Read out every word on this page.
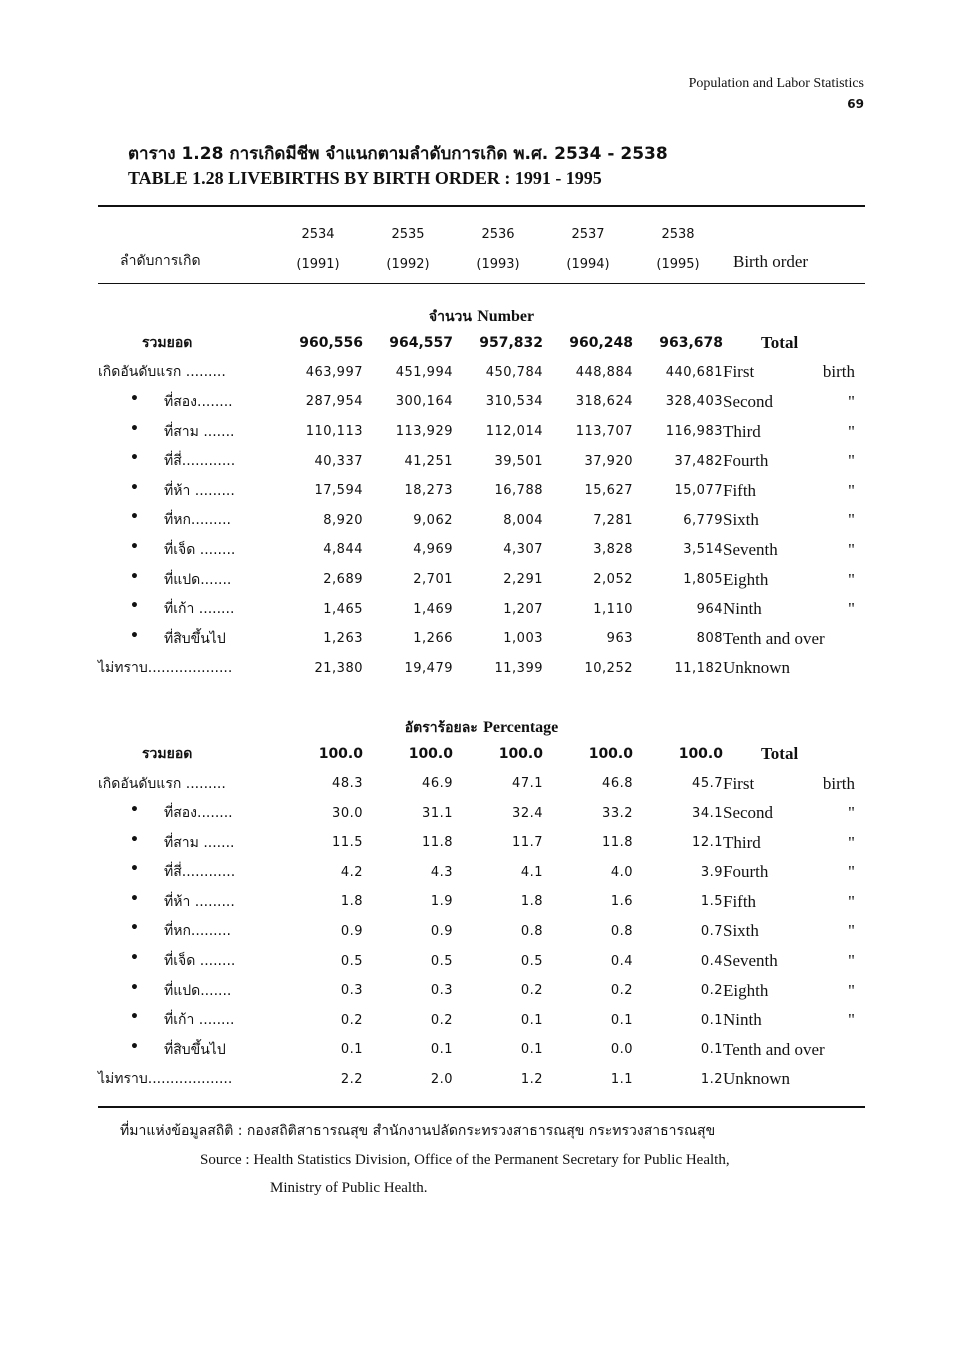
Population and Labor Statistics
69
ตาราง 1.28 การเกิดมีชีพ จำแนกตามลำดับการเกิด พ.ศ. 2534 - 2538
TABLE 1.28 LIVEBIRTHS BY BIRTH ORDER : 1991 - 1995
	2534	2535	2536	2537	2538	
ลำดับการเกิด	(1991)	(1992)	(1993)	(1994)	(1995)	Birth order
จำนวน Number						
รวมยอด	960,556	964,557	957,832	960,248	963,678	Total

เกิดอันดับแรก .........	463,997	451,994	450,784	448,884	440,681	First birth

• ที่สอง........	287,954	300,164	310,534	318,624	328,403	Second "

• ที่สาม .......	110,113	113,929	112,014	113,707	116,983	Third "

• ที่สี่............	40,337	41,251	39,501	37,920	37,482	Fourth "

• ที่ห้า .........	17,594	18,273	16,788	15,627	15,077	Fifth "

• ที่หก.........	8,920	9,062	8,004	7,281	6,779	Sixth "

• ที่เจ็ด ........	4,844	4,969	4,307	3,828	3,514	Seventh "

• ที่แปด.......	2,689	2,701	2,291	2,052	1,805	Eighth "

• ที่เก้า ........	1,465	1,469	1,207	1,110	964	Ninth "

• ที่สิบขึ้นไป	1,263	1,266	1,003	963	808	Tenth and over

ไม่ทราบ...................	21,380	19,479	11,399	10,252	11,182	Unknown

อัตราร้อยละ Percentage						
รวมยอด	100.0	100.0	100.0	100.0	100.0	Total

เกิดอันดับแรก .........	48.3	46.9	47.1	46.8	45.7	First birth

• ที่สอง........	30.0	31.1	32.4	33.2	34.1	Second "

• ที่สาม .......	11.5	11.8	11.7	11.8	12.1	Third "

• ที่สี่............	4.2	4.3	4.1	4.0	3.9	Fourth "

• ที่ห้า .........	1.8	1.9	1.8	1.6	1.5	Fifth "

• ที่หก.........	0.9	0.9	0.8	0.8	0.7	Sixth "

• ที่เจ็ด ........	0.5	0.5	0.5	0.4	0.4	Seventh "

• ที่แปด.......	0.3	0.3	0.2	0.2	0.2	Eighth "

• ที่เก้า ........	0.2	0.2	0.1	0.1	0.1	Ninth "

• ที่สิบขึ้นไป	0.1	0.1	0.1	0.0	0.1	Tenth and over

ไม่ทราบ...................	2.2	2.0	1.2	1.1	1.2	Unknown
ที่มาแห่งข้อมูลสถิติ : กองสถิติสาธารณสุข สำนักงานปลัดกระทรวงสาธารณสุข กระทรวงสาธารณสุข
Source : Health Statistics Division, Office of the Permanent Secretary for Public Health,
Ministry of Public Health.
